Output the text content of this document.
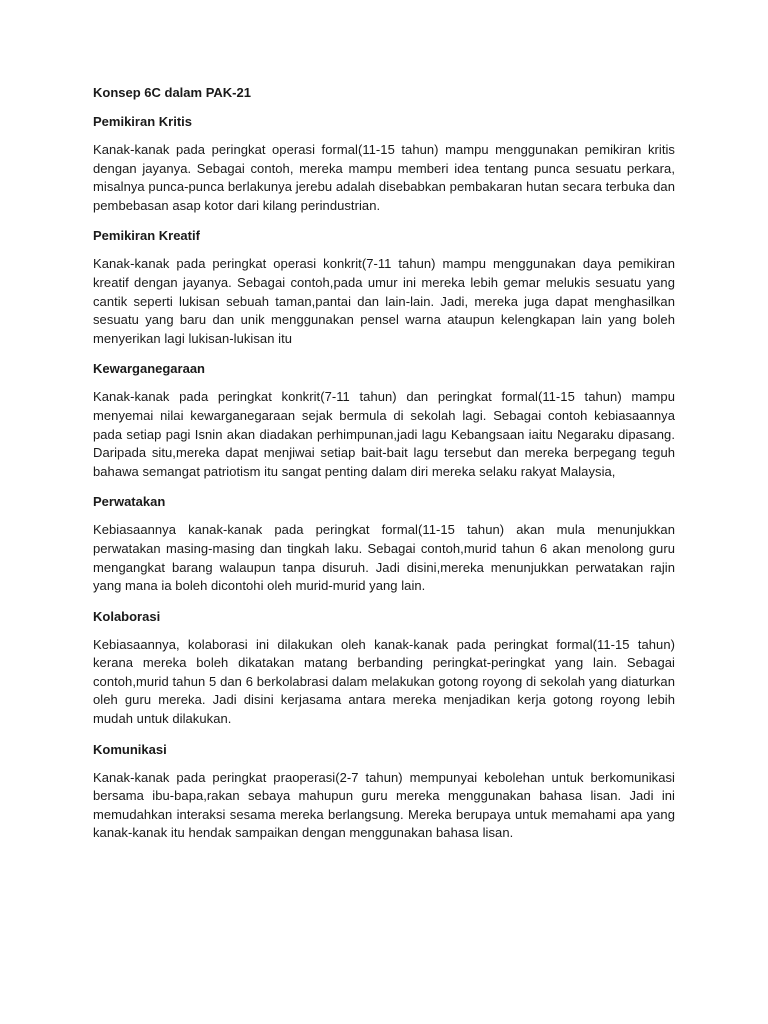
Konsep 6C dalam PAK-21
Pemikiran Kritis

Kanak-kanak pada peringkat operasi formal(11-15 tahun) mampu menggunakan pemikiran kritis dengan jayanya. Sebagai contoh, mereka mampu memberi idea tentang punca sesuatu perkara, misalnya punca-punca berlakunya jerebu adalah disebabkan pembakaran hutan secara terbuka dan pembebasan asap kotor dari kilang perindustrian.

Pemikiran Kreatif

Kanak-kanak pada peringkat operasi konkrit(7-11 tahun) mampu menggunakan daya pemikiran kreatif dengan jayanya. Sebagai contoh,pada umur ini mereka lebih gemar melukis sesuatu yang cantik seperti lukisan sebuah taman,pantai dan lain-lain. Jadi, mereka juga dapat menghasilkan sesuatu yang baru dan unik menggunakan pensel warna ataupun kelengkapan lain yang boleh menyerikan lagi lukisan-lukisan itu

Kewarganegaraan

Kanak-kanak pada peringkat konkrit(7-11 tahun) dan peringkat formal(11-15 tahun) mampu menyemai nilai kewarganegaraan sejak bermula di sekolah lagi. Sebagai contoh kebiasaannya pada setiap pagi Isnin akan diadakan perhimpunan,jadi lagu Kebangsaan iaitu Negaraku dipasang. Daripada situ,mereka dapat menjiwai setiap bait-bait lagu tersebut dan mereka berpegang teguh bahawa semangat patriotism itu sangat penting dalam diri mereka selaku rakyat Malaysia,

Perwatakan

Kebiasaannya kanak-kanak pada peringkat formal(11-15 tahun) akan mula menunjukkan perwatakan masing-masing dan tingkah laku. Sebagai contoh,murid tahun 6 akan menolong guru mengangkat barang walaupun tanpa disuruh. Jadi disini,mereka menunjukkan perwatakan rajin yang mana ia boleh dicontohi oleh murid-murid yang lain.

Kolaborasi

Kebiasaannya, kolaborasi ini dilakukan oleh kanak-kanak pada peringkat formal(11-15 tahun) kerana mereka boleh dikatakan matang berbanding peringkat-peringkat yang lain. Sebagai contoh,murid tahun 5 dan 6 berkolabrasi dalam melakukan gotong royong di sekolah yang diaturkan oleh guru mereka. Jadi disini kerjasama antara mereka menjadikan kerja gotong royong lebih mudah untuk dilakukan.

Komunikasi

Kanak-kanak pada peringkat praoperasi(2-7 tahun) mempunyai kebolehan untuk berkomunikasi bersama ibu-bapa,rakan sebaya mahupun guru mereka menggunakan bahasa lisan. Jadi ini memudahkan interaksi sesama mereka berlangsung. Mereka berupaya untuk memahami apa yang kanak-kanak itu hendak sampaikan dengan menggunakan bahasa lisan.
